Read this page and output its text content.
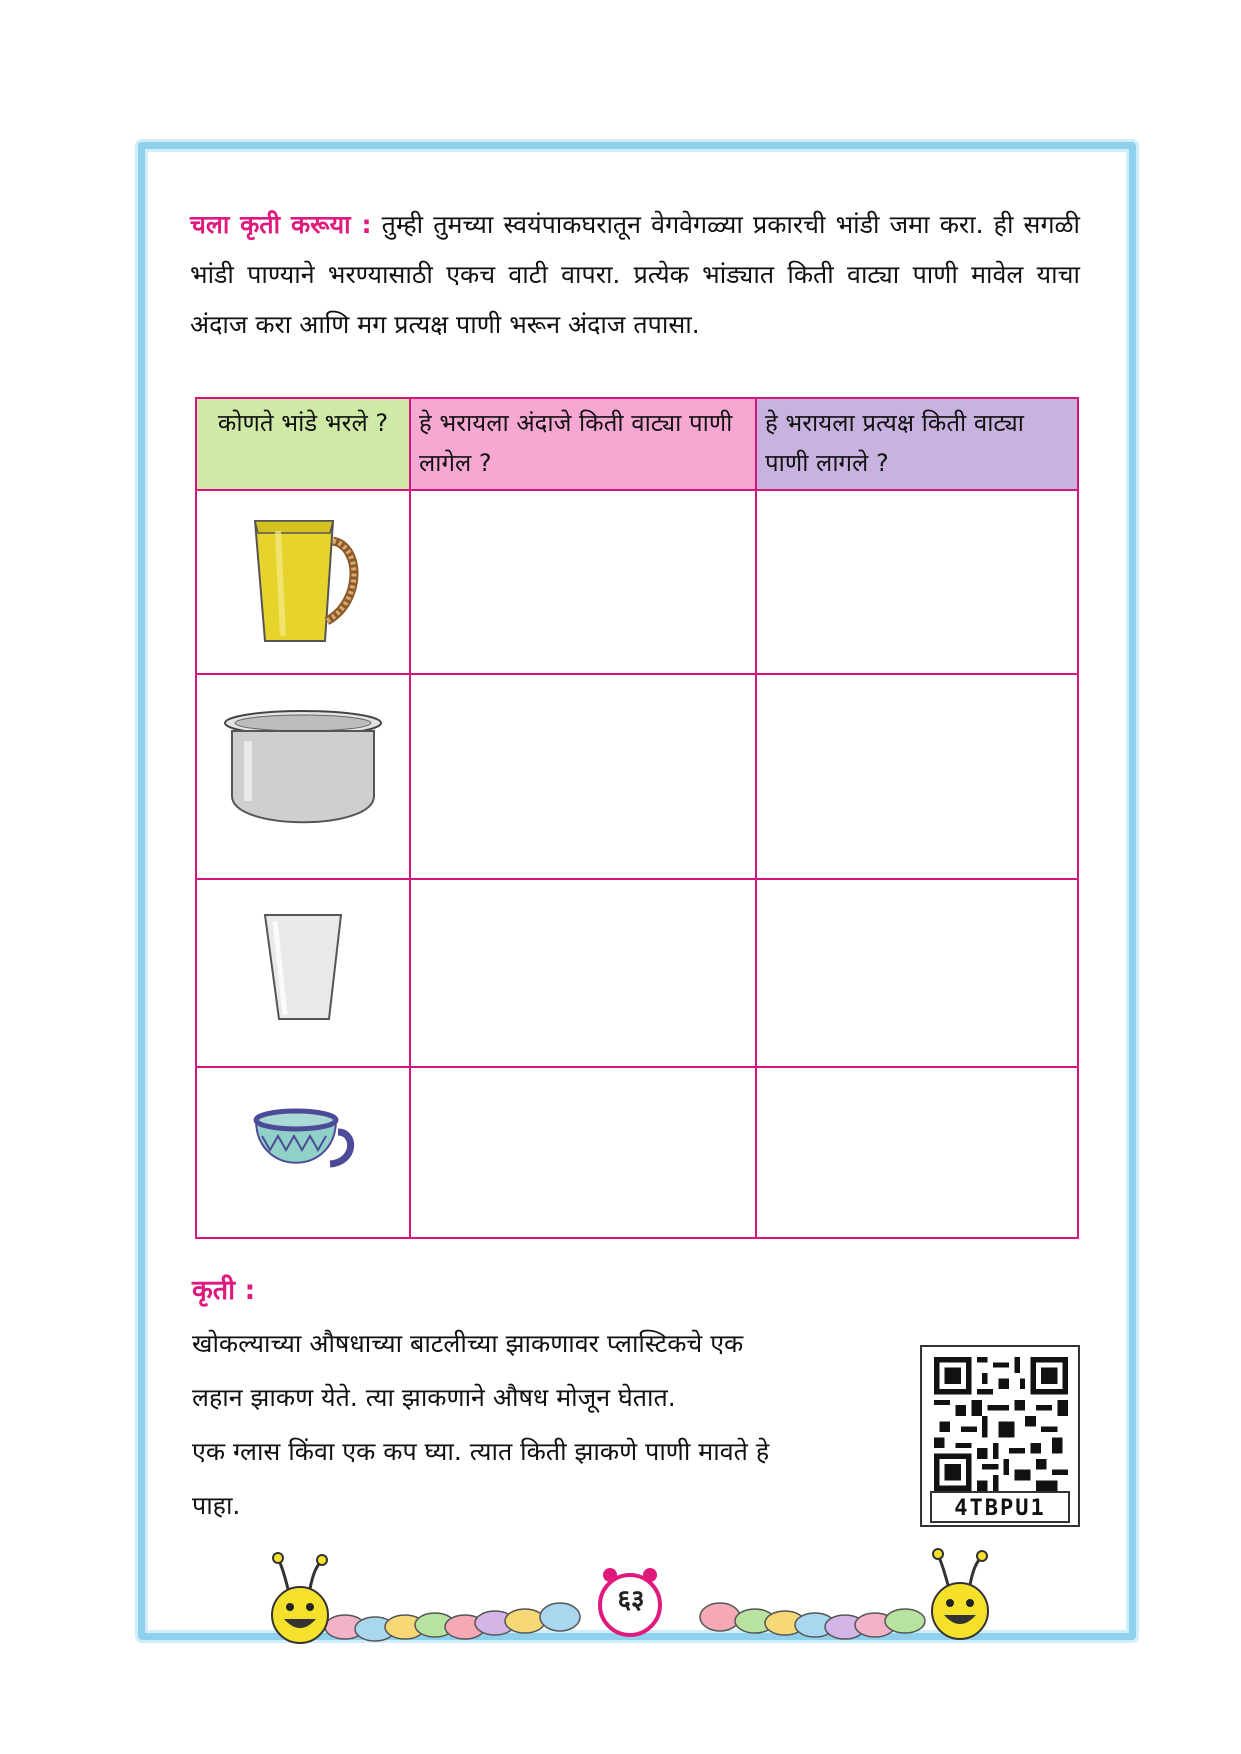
चला कृती करूया : तुम्ही तुमच्या स्वयंपाकघरातून वेगवेगळ्या प्रकारची भांडी जमा करा. ही सगळी भांडी पाण्याने भरण्यासाठी एकच वाटी वापरा. प्रत्येक भांड्यात किती वाट्या पाणी मावेल याचा अंदाज करा आणि मग प्रत्यक्ष पाणी भरून अंदाज तपासा.
कोणते भांडे भरले ?	हे भरायला अंदाजे किती वाट्या पाणी लागेल ?	हे भरायला प्रत्यक्ष किती वाट्या पाणी लागले ?

कृती :

खोकल्याच्या औषधाच्या बाटलीच्या झाकणावर प्लास्टिकचे एक

लहान झाकण येते. त्या झाकणाने औषध मोजून घेतात.

एक ग्लास किंवा एक कप घ्या. त्यात किती झाकणे पाणी मावते हे

पाहा.	4TBPU1
६३
